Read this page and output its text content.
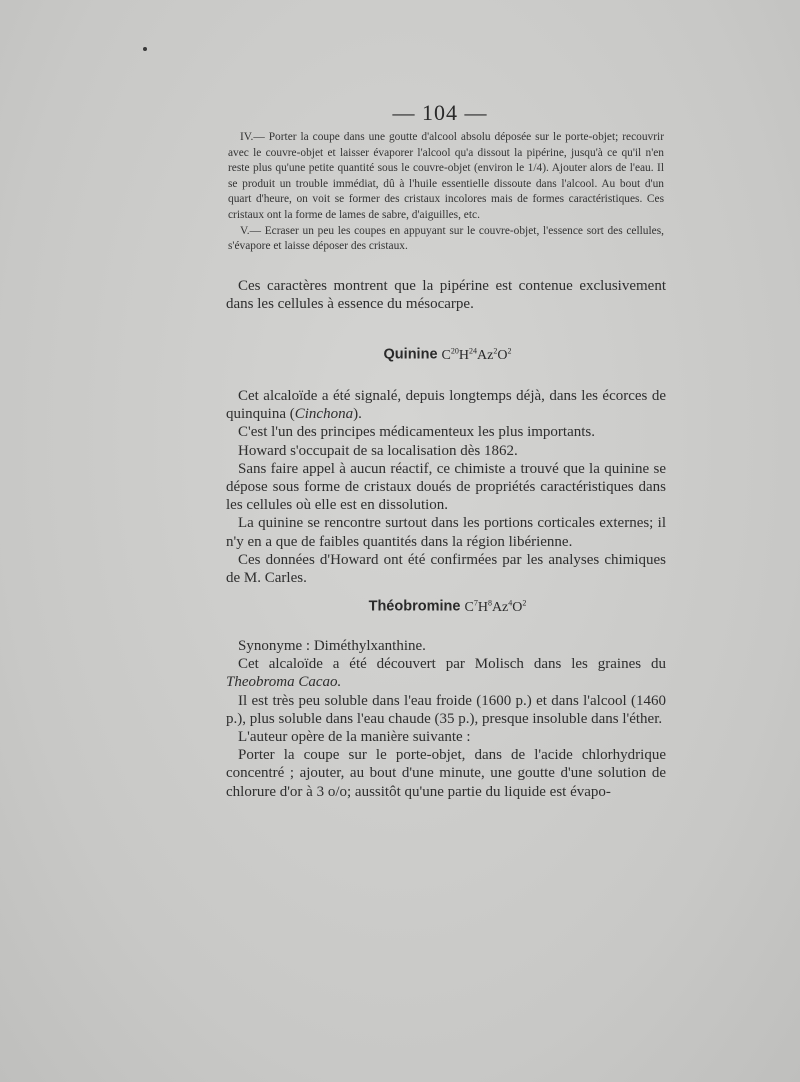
— 104 —

IV.— Porter la coupe dans une goutte d'alcool absolu déposée sur le porte-objet; recouvrir avec le couvre-objet et laisser évaporer l'alcool qu'a dissout la pipérine, jusqu'à ce qu'il n'en reste plus qu'une petite quantité sous le couvre-objet (environ le 1/4). Ajouter alors de l'eau. Il se produit un trouble immédiat, dû à l'huile essentielle dissoute dans l'alcool. Au bout d'un quart d'heure, on voit se former des cristaux incolores mais de formes caractéristiques. Ces cristaux ont la forme de lames de sabre, d'aiguilles, etc.

V.— Ecraser un peu les coupes en appuyant sur le couvre-objet, l'essence sort des cellules, s'évapore et laisse déposer des cristaux.

Ces caractères montrent que la pipérine est contenue exclusivement dans les cellules à essence du mésocarpe.

Quinine $C^{20}H^{24}Az^2O^2$

Cet alcaloïde a été signalé, depuis longtemps déjà, dans les écorces de quinquina (Cinchona).

C'est l'un des principes médicamenteux les plus importants.

Howard s'occupait de sa localisation dès 1862.

Sans faire appel à aucun réactif, ce chimiste a trouvé que la quinine se dépose sous forme de cristaux doués de propriétés caractéristiques dans les cellules où elle est en dissolution.

La quinine se rencontre surtout dans les portions corticales externes; il n'y en a que de faibles quantités dans la région libérienne.

Ces données d'Howard ont été confirmées par les analyses chimiques de M. Carles.

Théobromine $C^7H^8Az^4O^2$

Synonyme : Diméthylxanthine.

Cet alcaloïde a été découvert par Molisch dans les graines du Theobroma Cacao.

Il est très peu soluble dans l'eau froide (1600 p.) et dans l'alcool (1460 p.), plus soluble dans l'eau chaude (35 p.), presque insoluble dans l'éther.

L'auteur opère de la manière suivante :

Porter la coupe sur le porte-objet, dans de l'acide chlorhydrique concentré ; ajouter, au bout d'une minute, une goutte d'une solution de chlorure d'or à 3 o/o; aussitôt qu'une partie du liquide est évapo-
